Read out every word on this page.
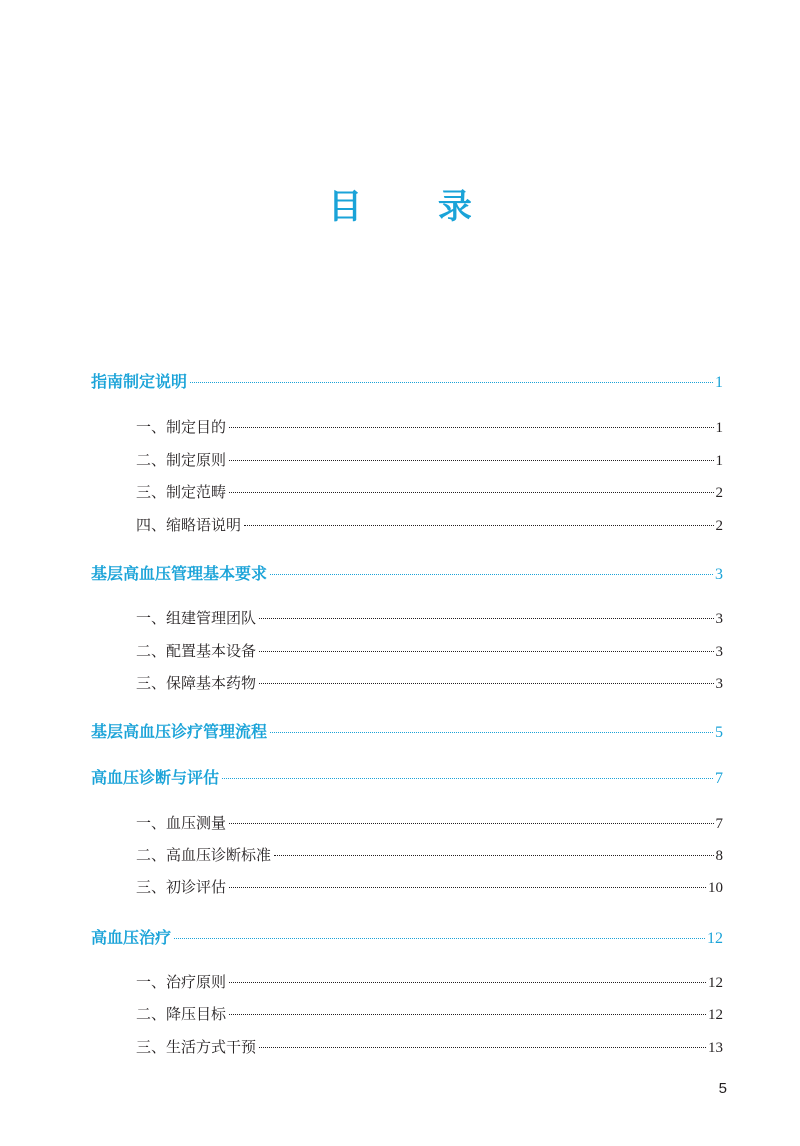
目 录
指南制定说明	1
一、制定目的	1
二、制定原则	1
三、制定范畴	2
四、缩略语说明	2
基层高血压管理基本要求	3
一、组建管理团队	3
二、配置基本设备	3
三、保障基本药物	3
基层高血压诊疗管理流程	5
高血压诊断与评估	7
一、血压测量	7
二、高血压诊断标准	8
三、初诊评估	10
高血压治疗	12
一、治疗原则	12
二、降压目标	12
三、生活方式干预	13
5
